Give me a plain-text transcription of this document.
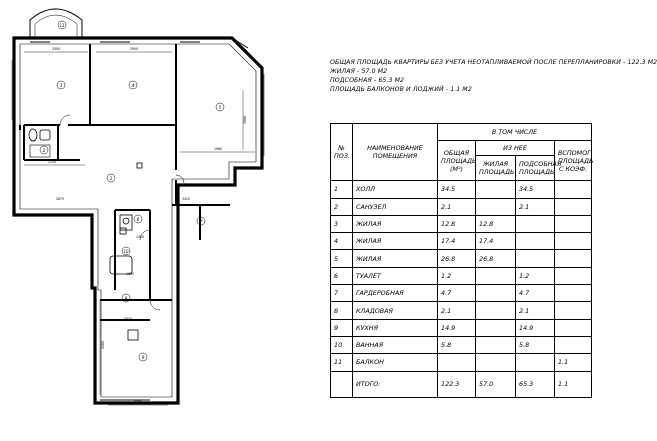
1
2
3	4
5
6	7
8
9
10
11
3350	2950
2350
1960
5350
1450
1680
2620
3280
3960
2850
3420
2875
ОБЩАЯ ПЛОЩАДЬ КВАРТИРЫ БЕЗ УЧЕТА НЕОТАПЛИВАЕМОЙ ПОСЛЕ ПЕРЕПЛАНИРОВКИ - 122.3 М2
ЖИЛАЯ - 57.0 М2
ПОДСОБНАЯ - 65.3 М2
ПЛОЩАДЬ БАЛКОНОВ И ЛОДЖИЙ - 1.1 М2
№ ПОЗ.	НАИМЕНОВАНИЕ ПОМЕЩЕНИЯ	В ТОМ ЧИСЛЕ			
		ОБЩАЯ ПЛОЩАДЬ (М²)	ИЗ НЕЕ		ВСПОМОГ. ПЛОЩАДЬ С КОЭФ.
			ЖИЛАЯ ПЛОЩАДЬ	ПОДСОБНАЯ ПЛОЩАДЬ	
1	ХОЛЛ	34.5		34.5	
2	САНУЗЕЛ	2.1		2.1	
3	ЖИЛАЯ	12.8	12.8		
4	ЖИЛАЯ	17.4	17.4		
5	ЖИЛАЯ	26.8	26.8		
6	ТУАЛЕТ	1.2		1.2	
7	ГАРДЕРОБНАЯ	4.7		4.7	
8	КЛАДОВАЯ	2.1		2.1	
9	КУХНЯ	14.9		14.9	
10	ВАННАЯ	5.8		5.8	
11	БАЛКОН				1.1
	ИТОГО:	122.3	57.0	65.3	1.1
